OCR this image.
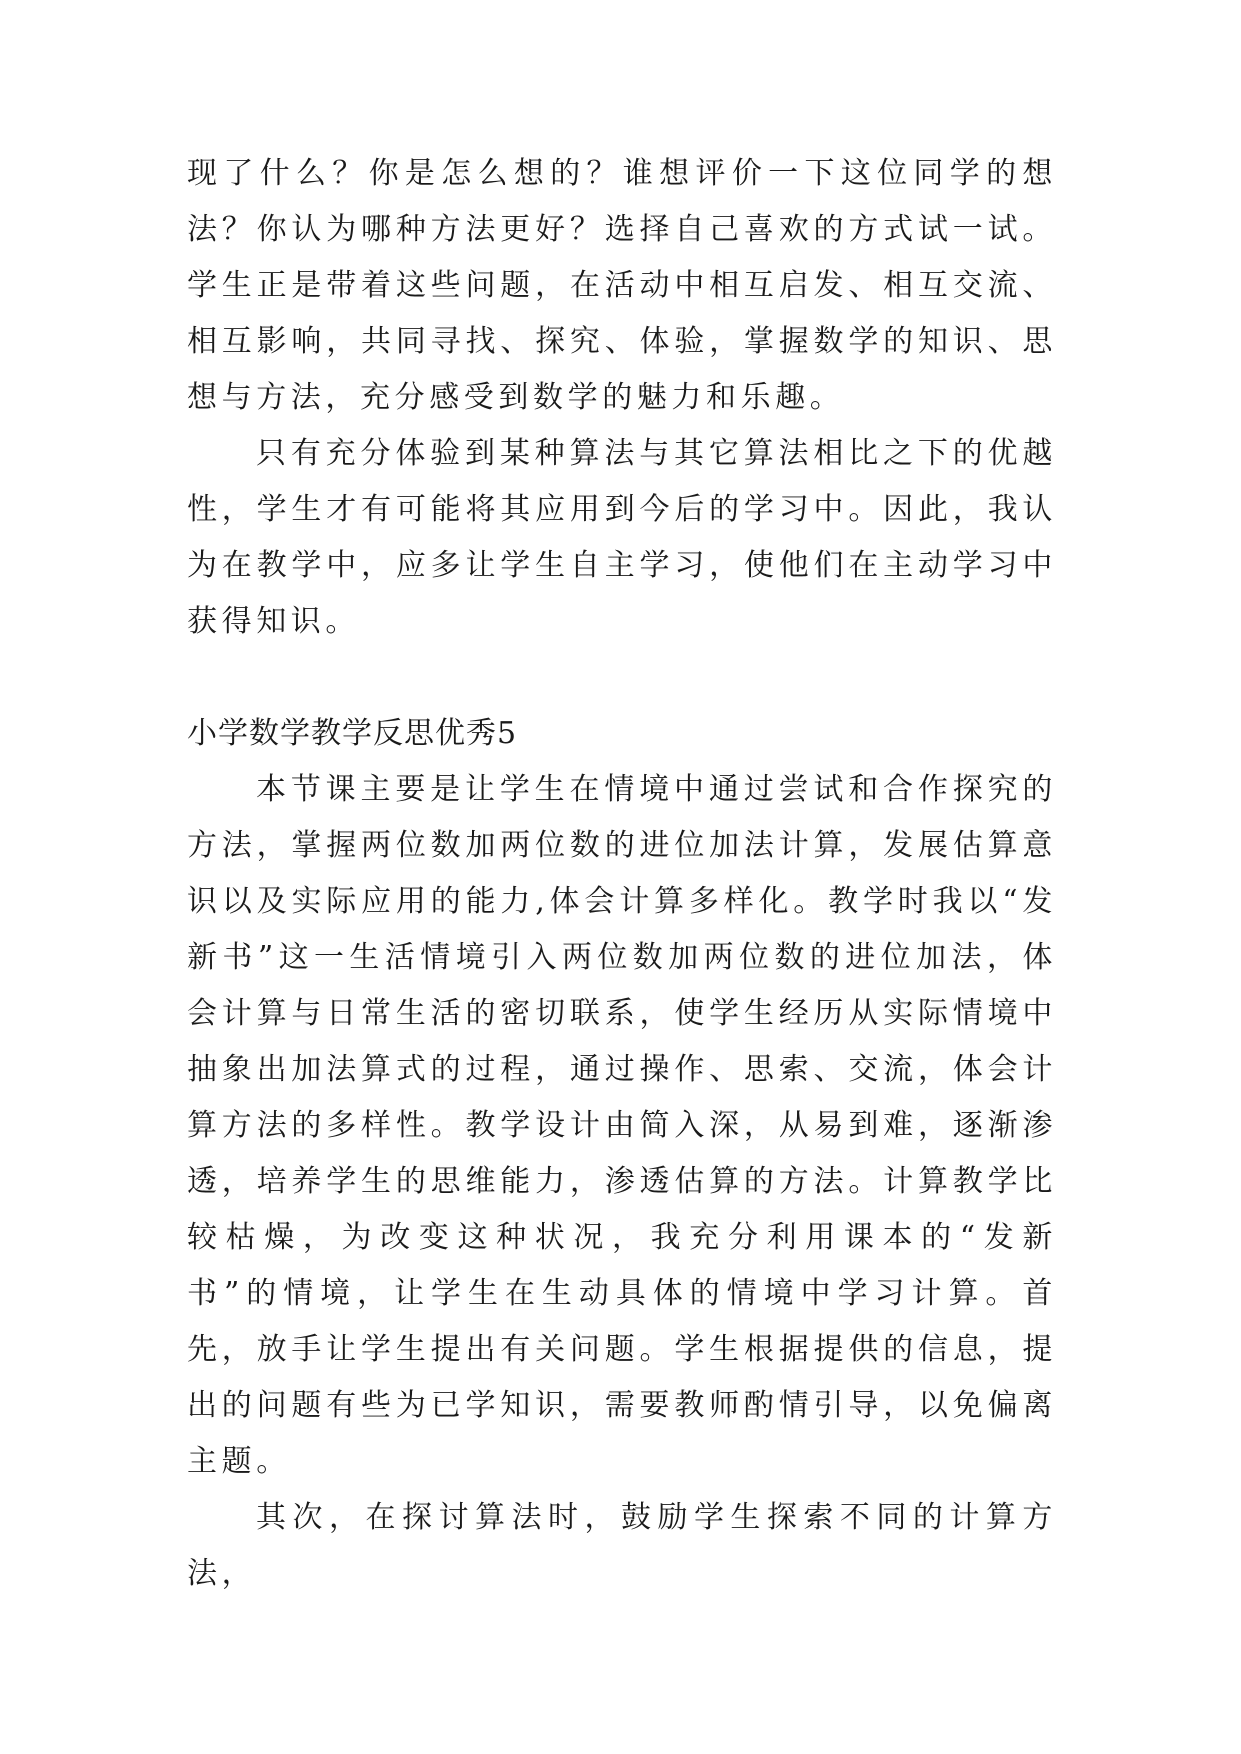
现了什么？你是怎么想的？谁想评价一下这位同学的想法？你认为哪种方法更好？选择自己喜欢的方式试一试。学生正是带着这些问题，在活动中相互启发、相互交流、相互影响，共同寻找、探究、体验，掌握数学的知识、思想与方法，充分感受到数学的魅力和乐趣。

只有充分体验到某种算法与其它算法相比之下的优越性，学生才有可能将其应用到今后的学习中。因此，我认为在教学中，应多让学生自主学习，使他们在主动学习中获得知识。

小学数学教学反思优秀5

本节课主要是让学生在情境中通过尝试和合作探究的方法，掌握两位数加两位数的进位加法计算，发展估算意识以及实际应用的能力,体会计算多样化。教学时我以“发新书”这一生活情境引入两位数加两位数的进位加法，体会计算与日常生活的密切联系，使学生经历从实际情境中抽象出加法算式的过程，通过操作、思索、交流，体会计算方法的多样性。教学设计由简入深，从易到难，逐渐渗透，培养学生的思维能力，渗透估算的方法。计算教学比较枯燥，为改变这种状况，我充分利用课本的“发新书”的情境，让学生在生动具体的情境中学习计算。首先，放手让学生提出有关问题。学生根据提供的信息，提出的问题有些为已学知识，需要教师酌情引导，以免偏离主题。

其次，在探讨算法时，鼓励学生探索不同的计算方法，
